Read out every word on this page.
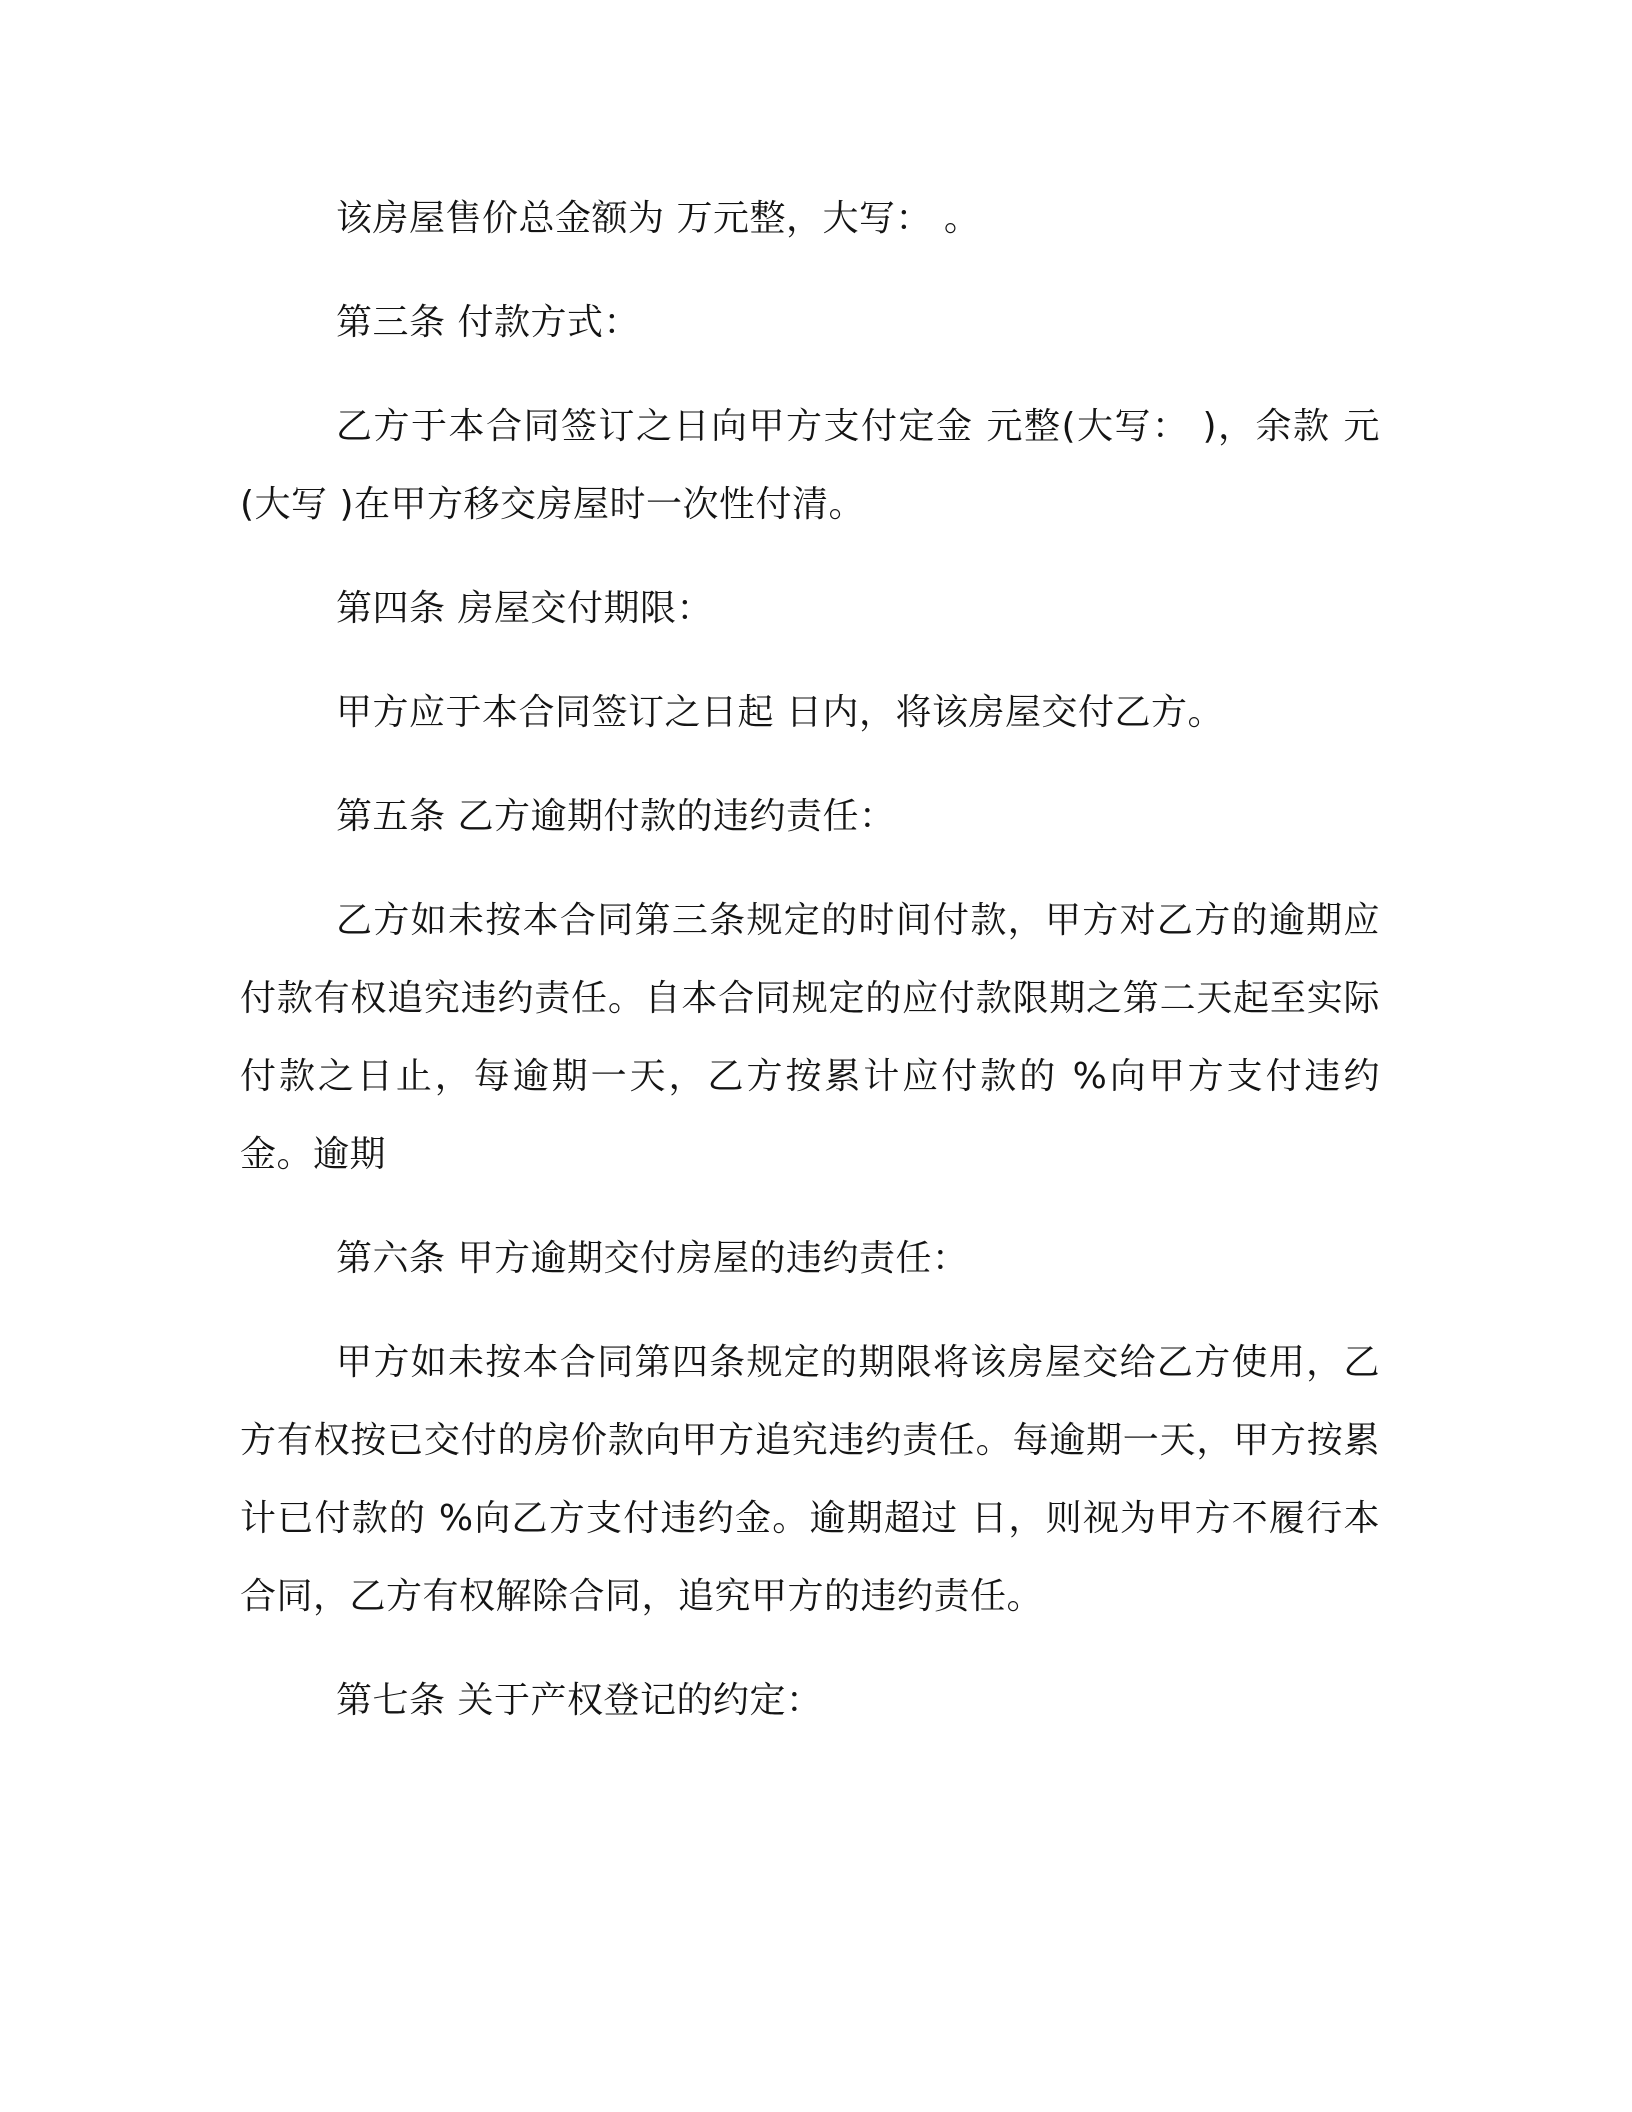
该房屋售价总金额为 万元整，大写： 。

第三条 付款方式：

乙方于本合同签订之日向甲方支付定金 元整(大写： )，余款 元(大写 )在甲方移交房屋时一次性付清。

第四条 房屋交付期限：

甲方应于本合同签订之日起 日内，将该房屋交付乙方。

第五条 乙方逾期付款的违约责任：

乙方如未按本合同第三条规定的时间付款，甲方对乙方的逾期应付款有权追究违约责任。自本合同规定的应付款限期之第二天起至实际付款之日止，每逾期一天，乙方按累计应付款的 %向甲方支付违约金。逾期

第六条 甲方逾期交付房屋的违约责任：

甲方如未按本合同第四条规定的期限将该房屋交给乙方使用，乙方有权按已交付的房价款向甲方追究违约责任。每逾期一天，甲方按累计已付款的 %向乙方支付违约金。逾期超过 日，则视为甲方不履行本合同，乙方有权解除合同，追究甲方的违约责任。

第七条 关于产权登记的约定：
